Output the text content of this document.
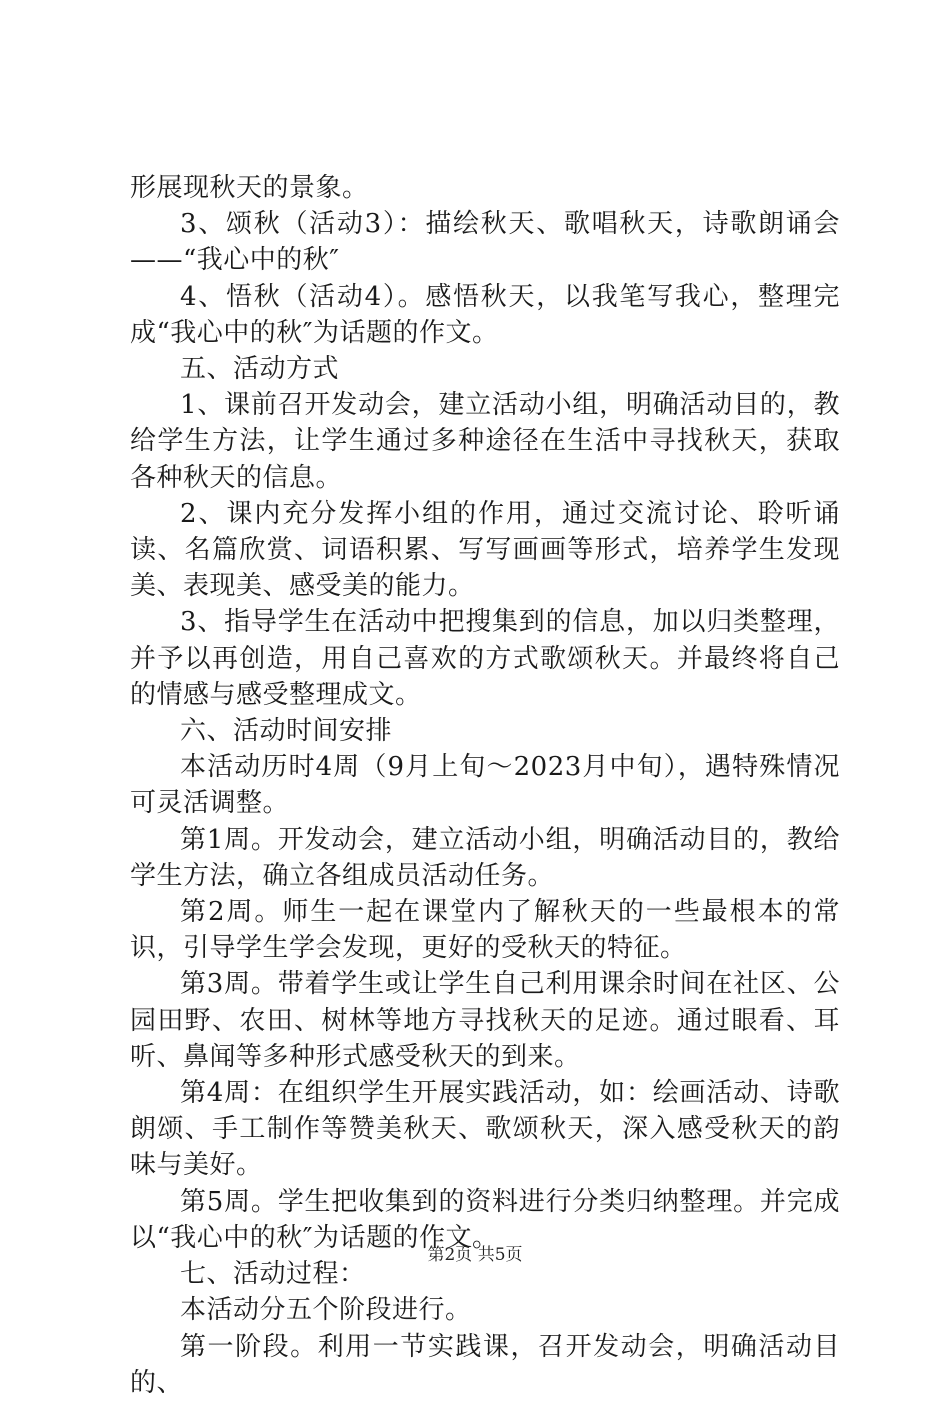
形展现秋天的景象。

3、颂秋（活动3）：描绘秋天、歌唱秋天，诗歌朗诵会——“我心中的秋″

4、悟秋（活动4）。感悟秋天，以我笔写我心，整理完成“我心中的秋″为话题的作文。

五、活动方式

1、课前召开发动会，建立活动小组，明确活动目的，教给学生方法，让学生通过多种途径在生活中寻找秋天，获取各种秋天的信息。

2、课内充分发挥小组的作用，通过交流讨论、聆听诵读、名篇欣赏、词语积累、写写画画等形式，培养学生发现美、表现美、感受美的能力。

3、指导学生在活动中把搜集到的信息，加以归类整理，并予以再创造，用自己喜欢的方式歌颂秋天。并最终将自己的情感与感受整理成文。

六、活动时间安排

本活动历时4周（9月上旬～2023月中旬），遇特殊情况可灵活调整。

第1周。开发动会，建立活动小组，明确活动目的，教给学生方法，确立各组成员活动任务。

第2周。师生一起在课堂内了解秋天的一些最根本的常识，引导学生学会发现，更好的受秋天的特征。

第3周。带着学生或让学生自己利用课余时间在社区、公园田野、农田、树林等地方寻找秋天的足迹。通过眼看、耳听、鼻闻等多种形式感受秋天的到来。

第4周：在组织学生开展实践活动，如：绘画活动、诗歌朗颂、手工制作等赞美秋天、歌颂秋天，深入感受秋天的韵味与美好。

第5周。学生把收集到的资料进行分类归纳整理。并完成以“我心中的秋″为话题的作文。

七、活动过程：

本活动分五个阶段进行。

第一阶段。利用一节实践课，召开发动会，明确活动目的、

第2页 共5页
